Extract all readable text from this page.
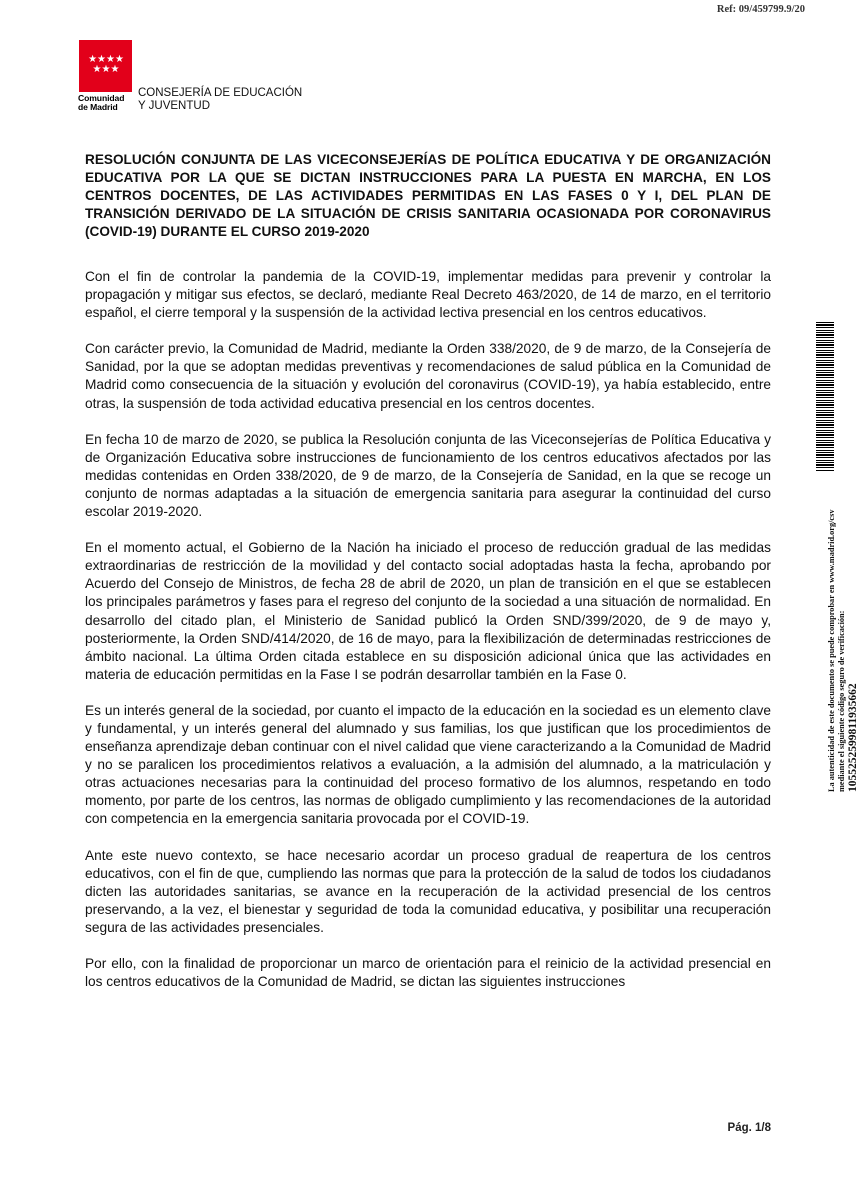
Ref: 09/459799.9/20
★★★★ ★★★
Comunidad
de Madrid
CONSEJERÍA DE EDUCACIÓN
Y JUVENTUD

RESOLUCIÓN CONJUNTA DE LAS VICECONSEJERÍAS DE POLÍTICA EDUCATIVA Y DE ORGANIZACIÓN EDUCATIVA POR LA QUE SE DICTAN INSTRUCCIONES PARA LA PUESTA EN MARCHA, EN LOS CENTROS DOCENTES, DE LAS ACTIVIDADES PERMITIDAS EN LAS FASES 0 Y I, DEL PLAN DE TRANSICIÓN DERIVADO DE LA SITUACIÓN DE CRISIS SANITARIA OCASIONADA POR CORONAVIRUS (COVID-19) DURANTE EL CURSO 2019-2020

Con el fin de controlar la pandemia de la COVID-19, implementar medidas para prevenir y controlar la propagación y mitigar sus efectos, se declaró, mediante Real Decreto 463/2020, de 14 de marzo, en el territorio español, el cierre temporal y la suspensión de la actividad lectiva presencial en los centros educativos.

Con carácter previo, la Comunidad de Madrid, mediante la Orden 338/2020, de 9 de marzo, de la Consejería de Sanidad, por la que se adoptan medidas preventivas y recomendaciones de salud pública en la Comunidad de Madrid como consecuencia de la situación y evolución del coronavirus (COVID-19), ya había establecido, entre otras, la suspensión de toda actividad educativa presencial en los centros docentes.

En fecha 10 de marzo de 2020, se publica la Resolución conjunta de las Viceconsejerías de Política Educativa y de Organización Educativa sobre instrucciones de funcionamiento de los centros educativos afectados por las medidas contenidas en Orden 338/2020, de 9 de marzo, de la Consejería de Sanidad, en la que se recoge un conjunto de normas adaptadas a la situación de emergencia sanitaria para asegurar la continuidad del curso escolar 2019-2020.

En el momento actual, el Gobierno de la Nación ha iniciado el proceso de reducción gradual de las medidas extraordinarias de restricción de la movilidad y del contacto social adoptadas hasta la fecha, aprobando por Acuerdo del Consejo de Ministros, de fecha 28 de abril de 2020, un plan de transición en el que se establecen los principales parámetros y fases para el regreso del conjunto de la sociedad a una situación de normalidad. En desarrollo del citado plan, el Ministerio de Sanidad publicó la Orden SND/399/2020, de 9 de mayo y, posteriormente, la Orden SND/414/2020, de 16 de mayo, para la flexibilización de determinadas restricciones de ámbito nacional. La última Orden citada establece en su disposición adicional única que las actividades en materia de educación permitidas en la Fase I se podrán desarrollar también en la Fase 0.

Es un interés general de la sociedad, por cuanto el impacto de la educación en la sociedad es un elemento clave y fundamental, y un interés general del alumnado y sus familias, los que justifican que los procedimientos de enseñanza aprendizaje deban continuar con el nivel calidad que viene caracterizando a la Comunidad de Madrid y no se paralicen los procedimientos relativos a evaluación, a la admisión del alumnado, a la matriculación y otras actuaciones necesarias para la continuidad del proceso formativo de los alumnos, respetando en todo momento, por parte de los centros, las normas de obligado cumplimiento y las recomendaciones de la autoridad con competencia en la emergencia sanitaria provocada por el COVID-19.

Ante este nuevo contexto, se hace necesario acordar un proceso gradual de reapertura de los centros educativos, con el fin de que, cumpliendo las normas que para la protección de la salud de todos los ciudadanos dicten las autoridades sanitarias, se avance en la recuperación de la actividad presencial de los centros preservando, a la vez, el bienestar y seguridad de toda la comunidad educativa, y posibilitar una recuperación segura de las actividades presenciales.

Por ello, con la finalidad de proporcionar un marco de orientación para el reinicio de la actividad presencial en los centros educativos de la Comunidad de Madrid, se dictan las siguientes instrucciones

La autenticidad de este documento se puede comprobar en www.madrid.org/csv mediante el siguiente código seguro de verificación: 1055252599811935662
Pág. 1/8
